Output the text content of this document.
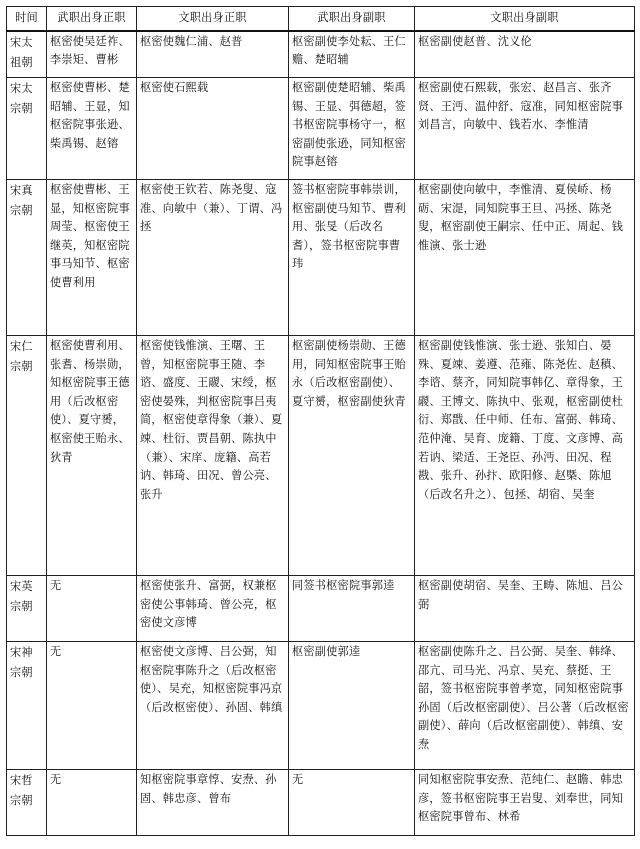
时间	武职出身正职	文职出身正职	武职出身副职	文职出身副职
宋太祖朝	枢密使吴廷祚、李崇矩、曹彬	枢密使魏仁浦、赵普	枢密副使李处耘、王仁赡、楚昭辅	枢密副使赵普、沈义伦
宋太宗朝	枢密使曹彬、楚昭辅、王显，知枢密院事张逊、柴禹锡、赵镕	枢密使石熙载	枢密副使楚昭辅、柴禹锡、王显、弭德超，签书枢密院事杨守一，枢密副使张逊，同知枢密院事赵镕	枢密副使石熙载，张宏、赵昌言、张齐贤、王沔、温仲舒、寇准，同知枢密院事刘昌言，向敏中、钱若水、李惟清
宋真宗朝	枢密使曹彬、王显，知枢密院事周莹、枢密使王继英，知枢密院事马知节、枢密使曹利用	枢密使王钦若、陈尧叟、寇准、向敏中（兼）、丁谓、冯拯	签书枢密院事韩崇训，枢密副使马知节、曹利用、张旻（后改名耆），签书枢密院事曹玮	枢密副使向敏中，李惟清、夏侯峤、杨砺、宋湜，同知院事王旦、冯拯、陈尧叟，枢密副使王嗣宗、任中正、周起、钱惟演、张士逊
宋仁宗朝	枢密使曹利用、张耆、杨崇勋，知枢密院事王德用（后改枢密使）、夏守赟，枢密使王贻永、狄青	枢密使钱惟演、王曙、王曾，知枢密院事王随、李谘、盛度、王鬷、宋绶，枢密使晏殊，判枢密院事吕夷简，枢密使章得象（兼）、夏竦、杜衍、贾昌朝、陈执中（兼）、宋庠、庞籍、高若讷、韩琦、田况、曾公亮、张升	枢密副使杨崇勋、王德用，同知枢密院事王贻永（后改枢密副使）、夏守赟，枢密副使狄青	枢密副使钱惟演、张士逊、张知白、晏殊、夏竦、姜遵、范雍、陈尧佐、赵稹、李谘、蔡齐，同知院事韩亿、章得象，王鬷、王博文、陈执中、张观，枢密副使杜衍、郑戬、任中师、任布、富弼、韩琦、范仲淹、吴育、庞籍、丁度、文彦博、高若讷、梁适、王尧臣、孙沔、田况、程戡、张升、孙抃、欧阳修、赵槩、陈旭（后改名升之）、包拯、胡宿、吴奎
宋英宗朝	无	枢密使张升、富弼，权兼枢密使公事韩琦、曾公亮，枢密使文彦博	同签书枢密院事郭逵	枢密副使胡宿、吴奎、王畴、陈旭、吕公弼
宋神宗朝	无	枢密使文彦博、吕公弼，知枢密院事陈升之（后改枢密使）、吴充，知枢密院事冯京（后改枢密使）、孙固、韩缜	枢密副使郭逵	枢密副使陈升之、吕公弼、吴奎、韩绛、邵亢、司马光、冯京、吴充、蔡挺、王韶，签书枢密院事曾孝宽，同知枢密院事孙固（后改枢密副使）、吕公著（后改枢密副使）、薛向（后改枢密副使）、韩缜、安焘
宋哲宗朝	无	知枢密院事章惇、安焘、孙固、韩忠彦、曾布	无	同知枢密院事安焘、范纯仁、赵瞻、韩忠彦，签书枢密院事王岩叟、刘奉世，同知枢密院事曾布、林希
